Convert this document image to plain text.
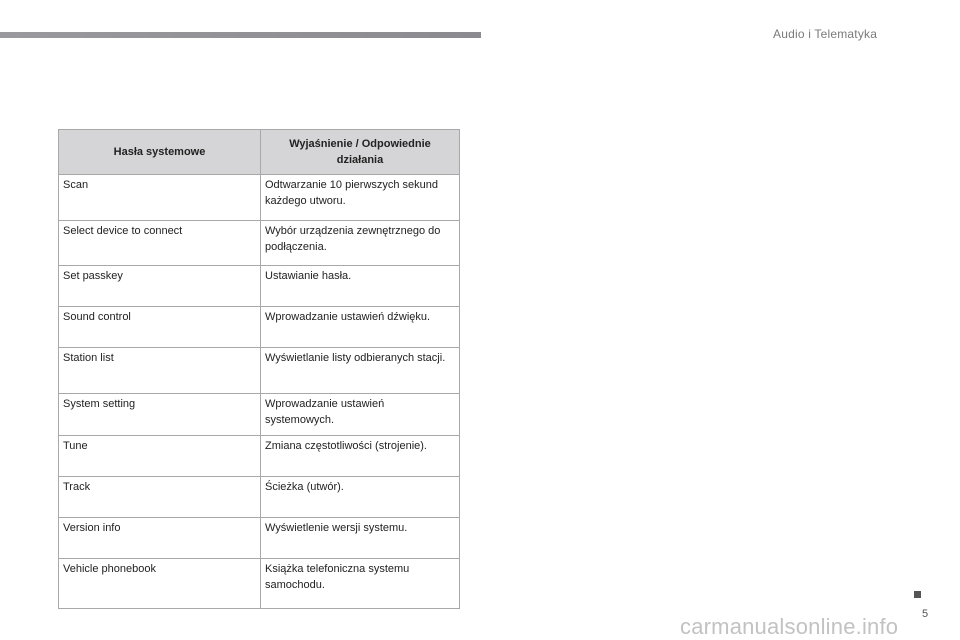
Audio i Telematyka
Hasła systemowe	Wyjaśnienie / Odpowiednie działania
Scan	Odtwarzanie 10 pierwszych sekund każdego utworu.
Select device to connect	Wybór urządzenia zewnętrznego do podłączenia.
Set passkey	Ustawianie hasła.
Sound control	Wprowadzanie ustawień dźwięku.
Station list	Wyświetlanie listy odbieranych stacji.
System setting	Wprowadzanie ustawień systemowych.
Tune	Zmiana częstotliwości (strojenie).
Track	Ścieżka (utwór).
Version info	Wyświetlenie wersji systemu.
Vehicle phonebook	Książka telefoniczna systemu samochodu.
5
carmanualsonline.info
